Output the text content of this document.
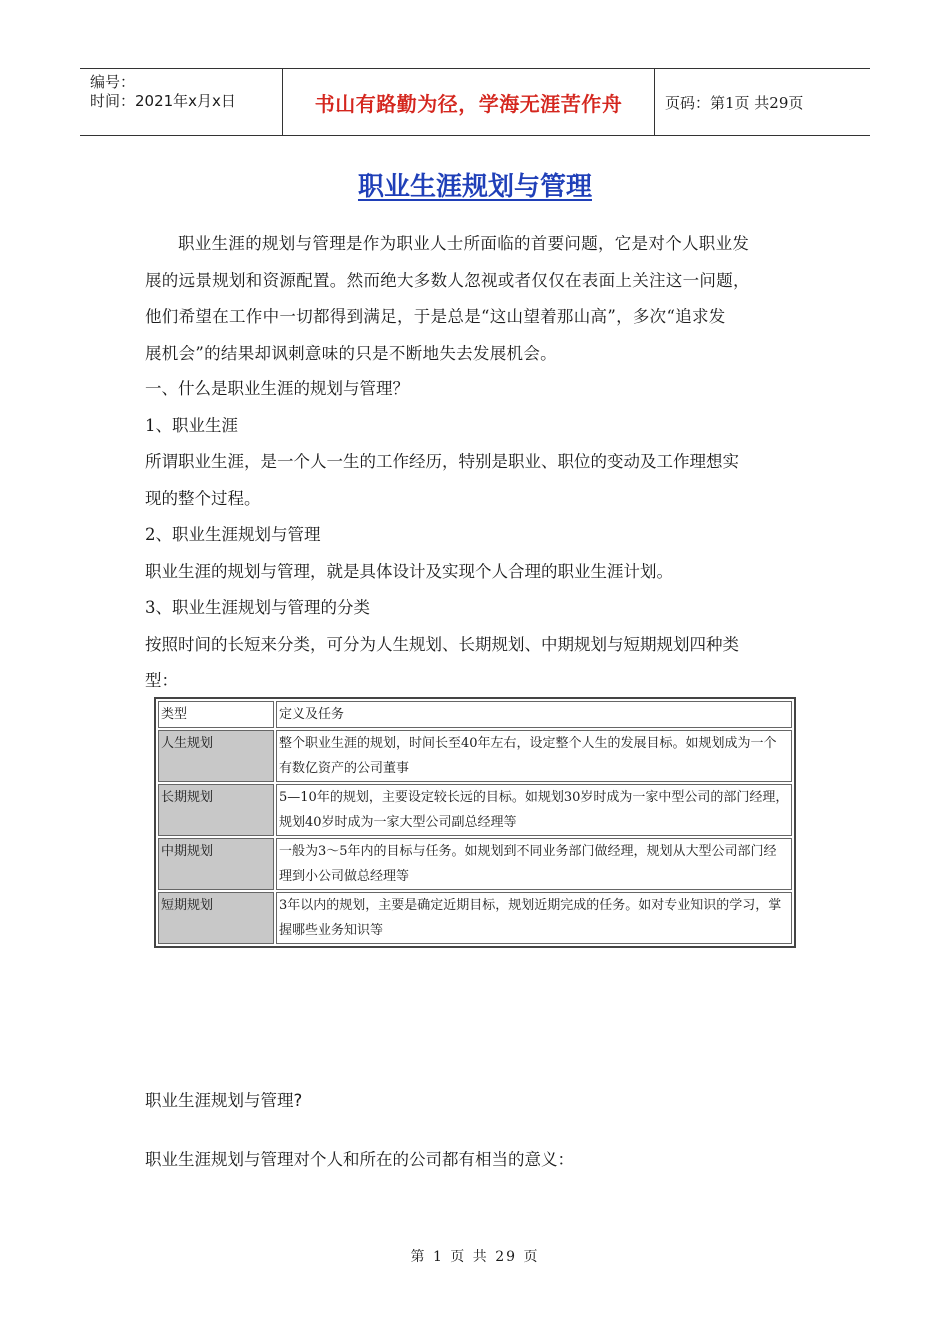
编号：
时间：2021年x月x日	书山有路勤为径，学海无涯苦作舟	页码：第1页 共29页
职业生涯规划与管理

职业生涯的规划与管理是作为职业人士所面临的首要问题，它是对个人职业发

展的远景规划和资源配置。然而绝大多数人忽视或者仅仅在表面上关注这一问题，

他们希望在工作中一切都得到满足，于是总是“这山望着那山高”，多次“追求发

展机会”的结果却讽刺意味的只是不断地失去发展机会。

一、什么是职业生涯的规划与管理？

1、职业生涯

所谓职业生涯，是一个人一生的工作经历，特别是职业、职位的变动及工作理想实

现的整个过程。

2、职业生涯规划与管理

职业生涯的规划与管理，就是具体设计及实现个人合理的职业生涯计划。

3、职业生涯规划与管理的分类

按照时间的长短来分类，可分为人生规划、长期规划、中期规划与短期规划四种类

型：

类型	定义及任务
人生规划	整个职业生涯的规划，时间长至40年左右，设定整个人生的发展目标。如规划成为一个有数亿资产的公司董事
长期规划	5—10年的规划，主要设定较长远的目标。如规划30岁时成为一家中型公司的部门经理，规划40岁时成为一家大型公司副总经理等
中期规划	一般为3～5年内的目标与任务。如规划到不同业务部门做经理，规划从大型公司部门经理到小公司做总经理等
短期规划	3年以内的规划，主要是确定近期目标，规划近期完成的任务。如对专业知识的学习，掌握哪些业务知识等
职业生涯规划与管理?
职业生涯规划与管理对个人和所在的公司都有相当的意义：
第 1 页 共 29 页
